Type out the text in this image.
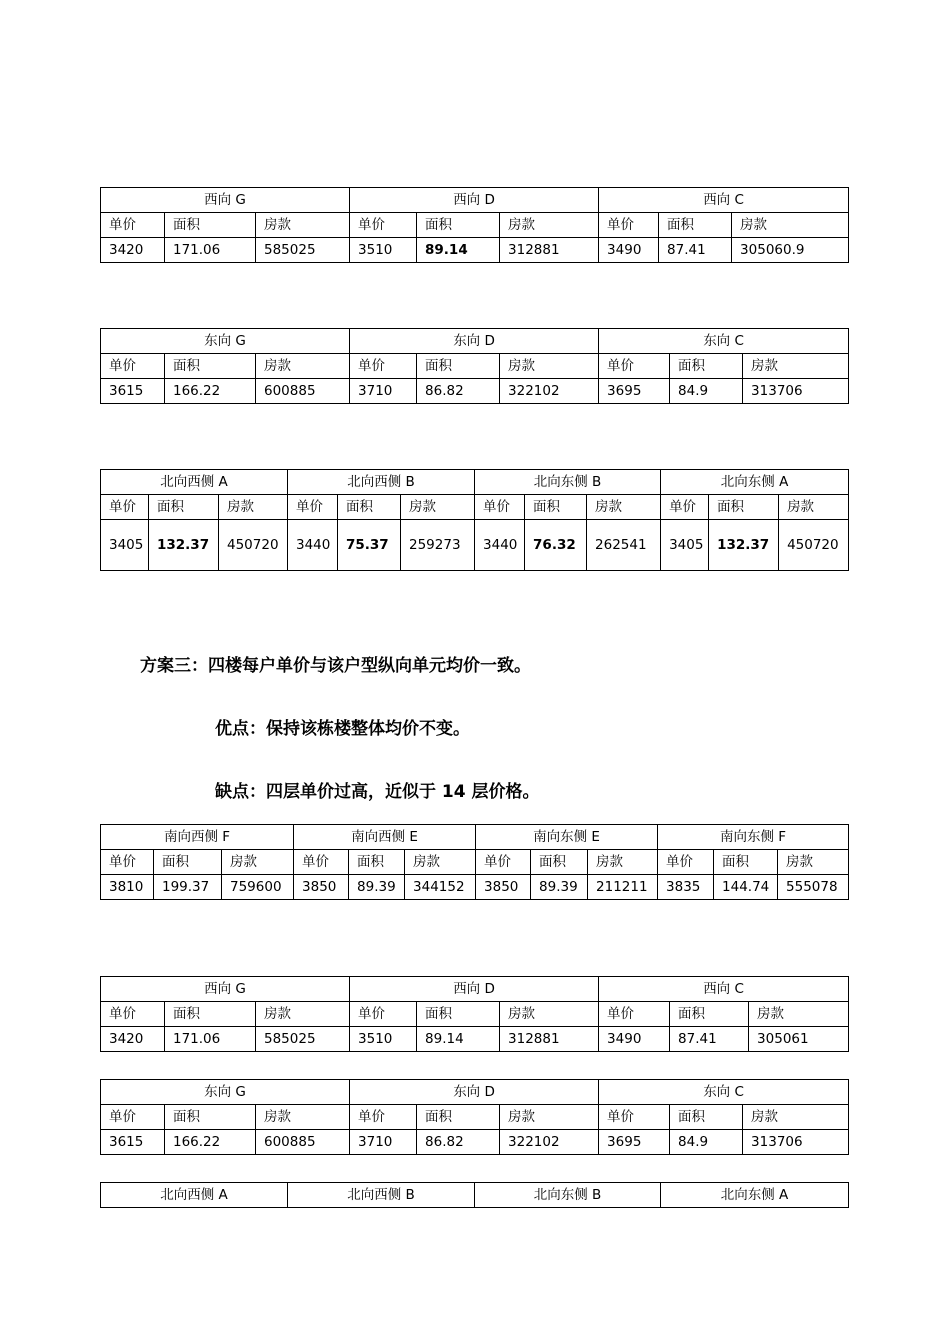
西向 G			西向 D			西向 C		
单价	面积	房款	单价	面积	房款	单价	面积	房款
3420	171.06	585025	3510	89.14	312881	3490	87.41	305060.9
东向 G			东向 D			东向 C		
单价	面积	房款	单价	面积	房款	单价	面积	房款
3615	166.22	600885	3710	86.82	322102	3695	84.9	313706
北向西侧 A			北向西侧 B			北向东侧 B			北向东侧 A		
单价	面积	房款	单价	面积	房款	单价	面积	房款	单价	面积	房款
3405	132.37	450720	3440	75.37	259273	3440	76.32	262541	3405	132.37	450720

方案三：四楼每户单价与该户型纵向单元均价一致。

优点：保持该栋楼整体均价不变。

缺点：四层单价过高，近似于 14 层价格。

南向西侧 F			南向西侧 E			南向东侧 E			南向东侧 F		
单价	面积	房款	单价	面积	房款	单价	面积	房款	单价	面积	房款
3810	199.37	759600	3850	89.39	344152	3850	89.39	211211	3835	144.74	555078
西向 G			西向 D			西向 C		
单价	面积	房款	单价	面积	房款	单价	面积	房款
3420	171.06	585025	3510	89.14	312881	3490	87.41	305061
东向 G			东向 D			东向 C		
单价	面积	房款	单价	面积	房款	单价	面积	房款
3615	166.22	600885	3710	86.82	322102	3695	84.9	313706
北向西侧 A	北向西侧 B	北向东侧 B	北向东侧 A
